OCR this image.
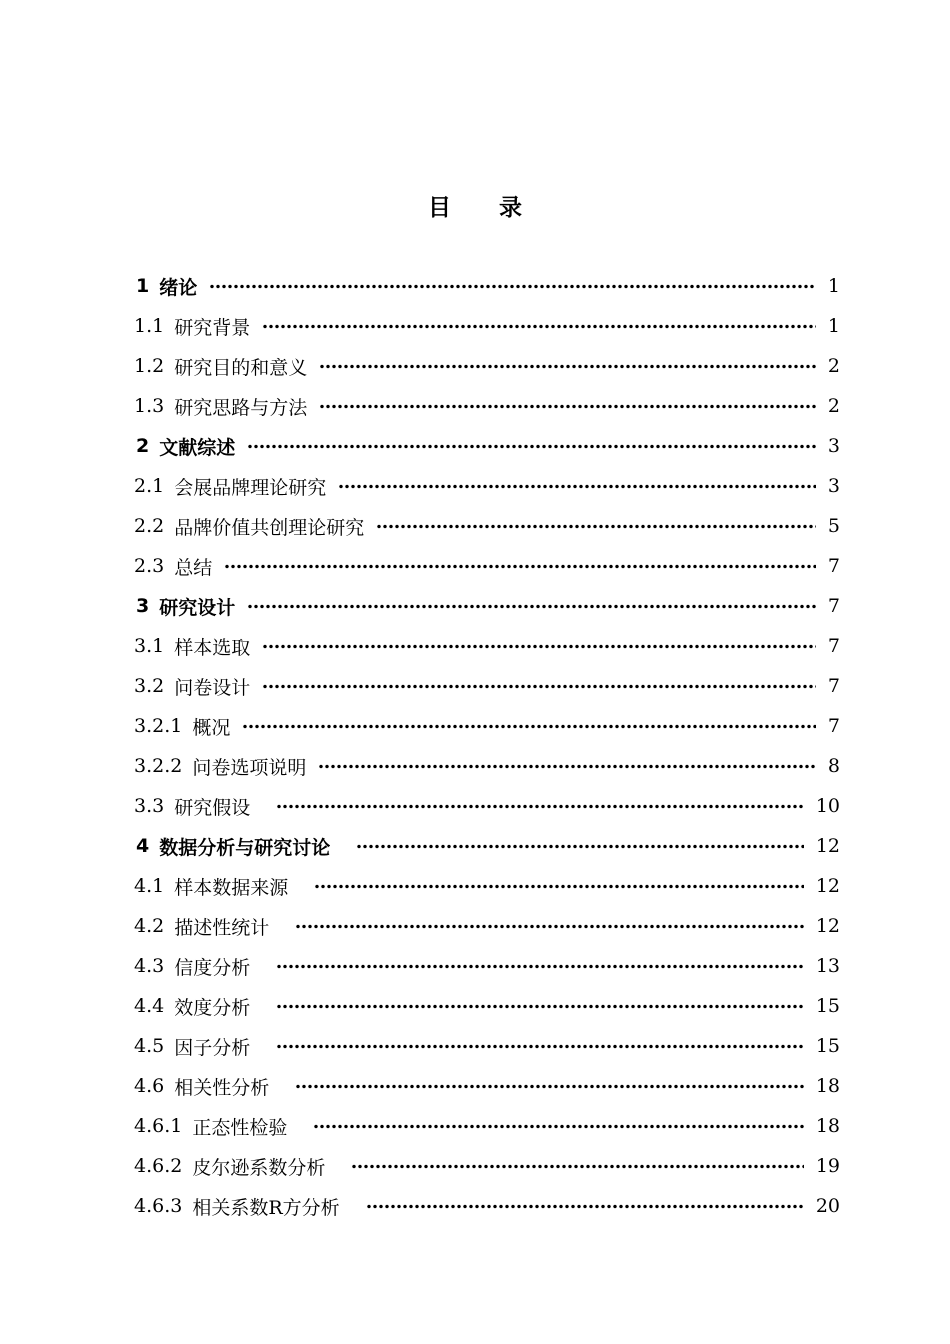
目录
1 绪论	1
1.1 研究背景	1
1.2 研究目的和意义	2
1.3 研究思路与方法	2
2 文献综述	3
2.1 会展品牌理论研究	3
2.2 品牌价值共创理论研究	5
2.3 总结	7
3 研究设计	7
3.1 样本选取	7
3.2 问卷设计	7
3.2.1 概况	7
3.2.2 问卷选项说明	8
3.3 研究假设	10
4 数据分析与研究讨论	12
4.1 样本数据来源	12
4.2 描述性统计	12
4.3 信度分析	13
4.4 效度分析	15
4.5 因子分析	15
4.6 相关性分析	18
4.6.1 正态性检验	18
4.6.2 皮尔逊系数分析	19
4.6.3 相关系数R方分析	20
